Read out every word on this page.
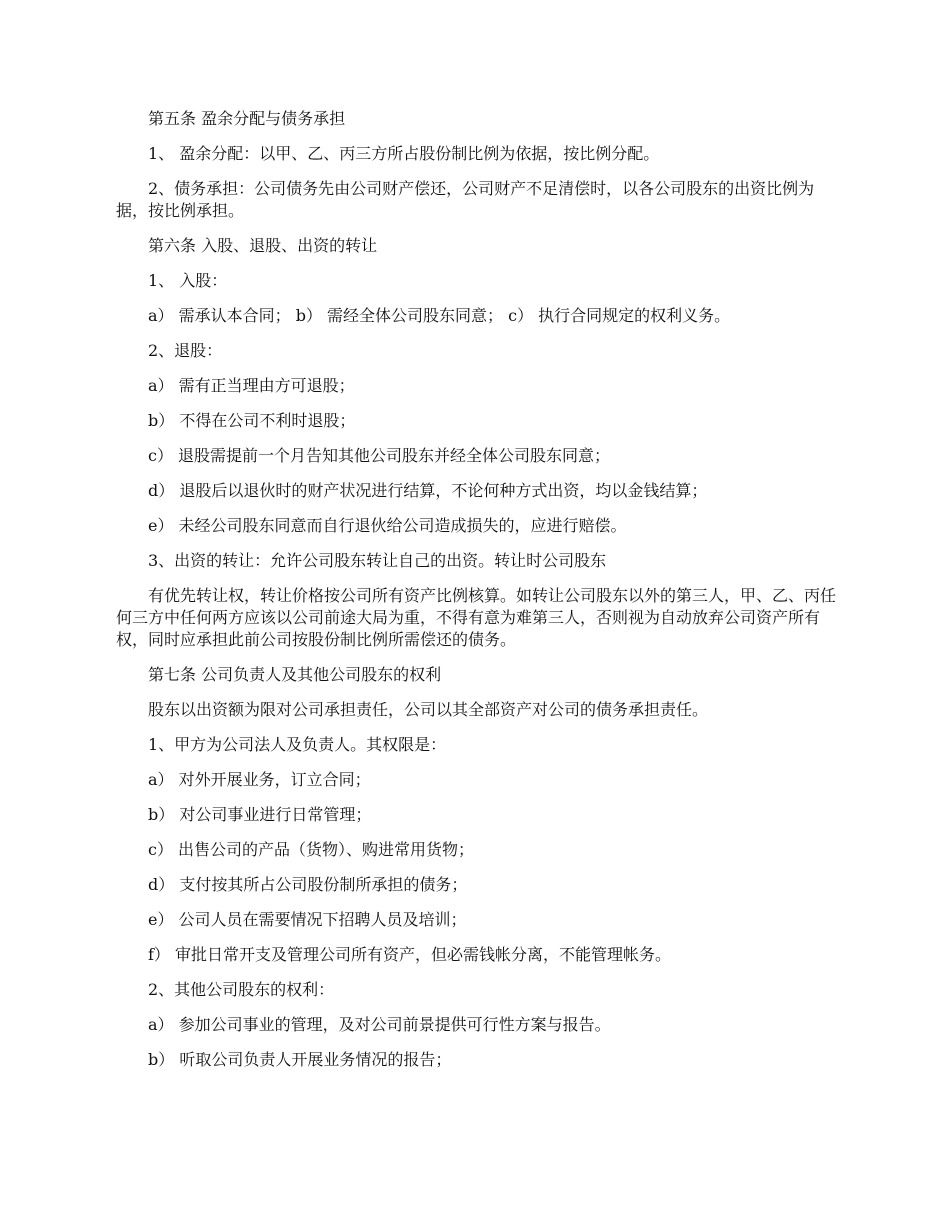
第五条 盈余分配与债务承担

1、 盈余分配：以甲、乙、丙三方所占股份制比例为依据，按比例分配。

2、债务承担：公司债务先由公司财产偿还，公司财产不足清偿时，以各公司股东的出资比例为据，按比例承担。

第六条 入股、退股、出资的转让

1、 入股：

a） 需承认本合同； b） 需经全体公司股东同意； c） 执行合同规定的权利义务。

2、退股：

a） 需有正当理由方可退股；

b） 不得在公司不利时退股；

c） 退股需提前一个月告知其他公司股东并经全体公司股东同意；

d） 退股后以退伙时的财产状况进行结算，不论何种方式出资，均以金钱结算；

e） 未经公司股东同意而自行退伙给公司造成损失的，应进行赔偿。

3、出资的转让：允许公司股东转让自己的出资。转让时公司股东

有优先转让权，转让价格按公司所有资产比例核算。如转让公司股东以外的第三人，甲、乙、丙任何三方中任何两方应该以公司前途大局为重，不得有意为难第三人，否则视为自动放弃公司资产所有权，同时应承担此前公司按股份制比例所需偿还的债务。

第七条 公司负责人及其他公司股东的权利

股东以出资额为限对公司承担责任，公司以其全部资产对公司的债务承担责任。

1、甲方为公司法人及负责人。其权限是：

a） 对外开展业务，订立合同；

b） 对公司事业进行日常管理；

c） 出售公司的产品（货物）、购进常用货物；

d） 支付按其所占公司股份制所承担的债务；

e） 公司人员在需要情况下招聘人员及培训；

f） 审批日常开支及管理公司所有资产，但必需钱帐分离，不能管理帐务。

2、其他公司股东的权利：

a） 参加公司事业的管理，及对公司前景提供可行性方案与报告。

b） 听取公司负责人开展业务情况的报告；
